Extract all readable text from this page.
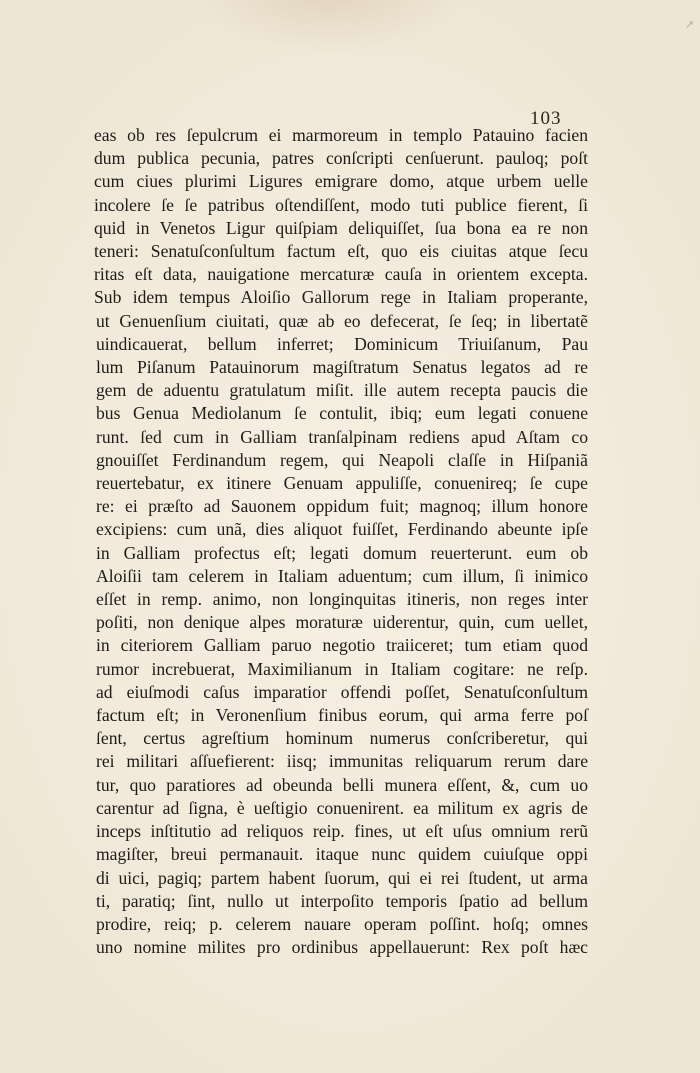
↗
103
eas ob res ſepulcrum ei marmoreum in templo Patauino facien
dum publica pecunia, patres conſcripti cenſuerunt. pauloq; poſt
cum ciues plurimi Ligures emigrare domo, atque urbem uelle
incolere ſe ſe patribus oſtendiſſent, modo tuti publice fierent, ſi
quid in Venetos Ligur quiſpiam deliquiſſet, ſua bona ea re non
teneri: Senatuſconſultum factum eſt, quo eis ciuitas atque ſecu
ritas eſt data, nauigatione mercaturæ cauſa in orientem excepta.
Sub idem tempus Aloiſio Gallorum rege in Italiam properante,
ut Genuenſium ciuitati, quæ ab eo defecerat, ſe ſeq; in libertatẽ
uindicauerat, bellum inferret; Dominicum Triuiſanum, Pau
lum Piſanum Patauinorum magiſtratum Senatus legatos ad re
gem de aduentu gratulatum miſit. ille autem recepta paucis die
bus Genua Mediolanum ſe contulit, ibiq; eum legati conuene
runt. ſed cum in Galliam tranſalpinam rediens apud Aſtam co
gnouiſſet Ferdinandum regem, qui Neapoli claſſe in Hiſpaniã
reuertebatur, ex itinere Genuam appuliſſe, conuenireq; ſe cupe
re: ei præſto ad Sauonem oppidum fuit; magnoq; illum honore
excipiens: cum unã, dies aliquot fuiſſet, Ferdinando abeunte ipſe
in Galliam profectus eſt; legati domum reuerterunt. eum ob
Aloiſii tam celerem in Italiam aduentum; cum illum, ſi inimico
eſſet in remp. animo, non longinquitas itineris, non reges inter
poſiti, non denique alpes moraturæ uiderentur, quin, cum uellet,
in citeriorem Galliam paruo negotio traiiceret; tum etiam quod
rumor increbuerat, Maximilianum in Italiam cogitare: ne reſp.
ad eiuſmodi caſus imparatior offendi poſſet, Senatuſconſultum
factum eſt; in Veronenſium finibus eorum, qui arma ferre poſ
ſent, certus agreſtium hominum numerus conſcriberetur, qui
rei militari aſſuefierent: iisq; immunitas reliquarum rerum dare
tur, quo paratiores ad obeunda belli munera eſſent, &, cum uo
carentur ad ſigna, è ueſtigio conuenirent. ea militum ex agris de
inceps inſtitutio ad reliquos reip. fines, ut eſt uſus omnium rerũ
magiſter, breui permanauit. itaque nunc quidem cuiuſque oppi
di uici, pagiq; partem habent ſuorum, qui ei rei ſtudent, ut arma
ti, paratiq; ſint, nullo ut interpoſito temporis ſpatio ad bellum
prodire, reiq; p. celerem nauare operam poſſint. hoſq; omnes
uno nomine milites pro ordinibus appellauerunt: Rex poſt hæc
